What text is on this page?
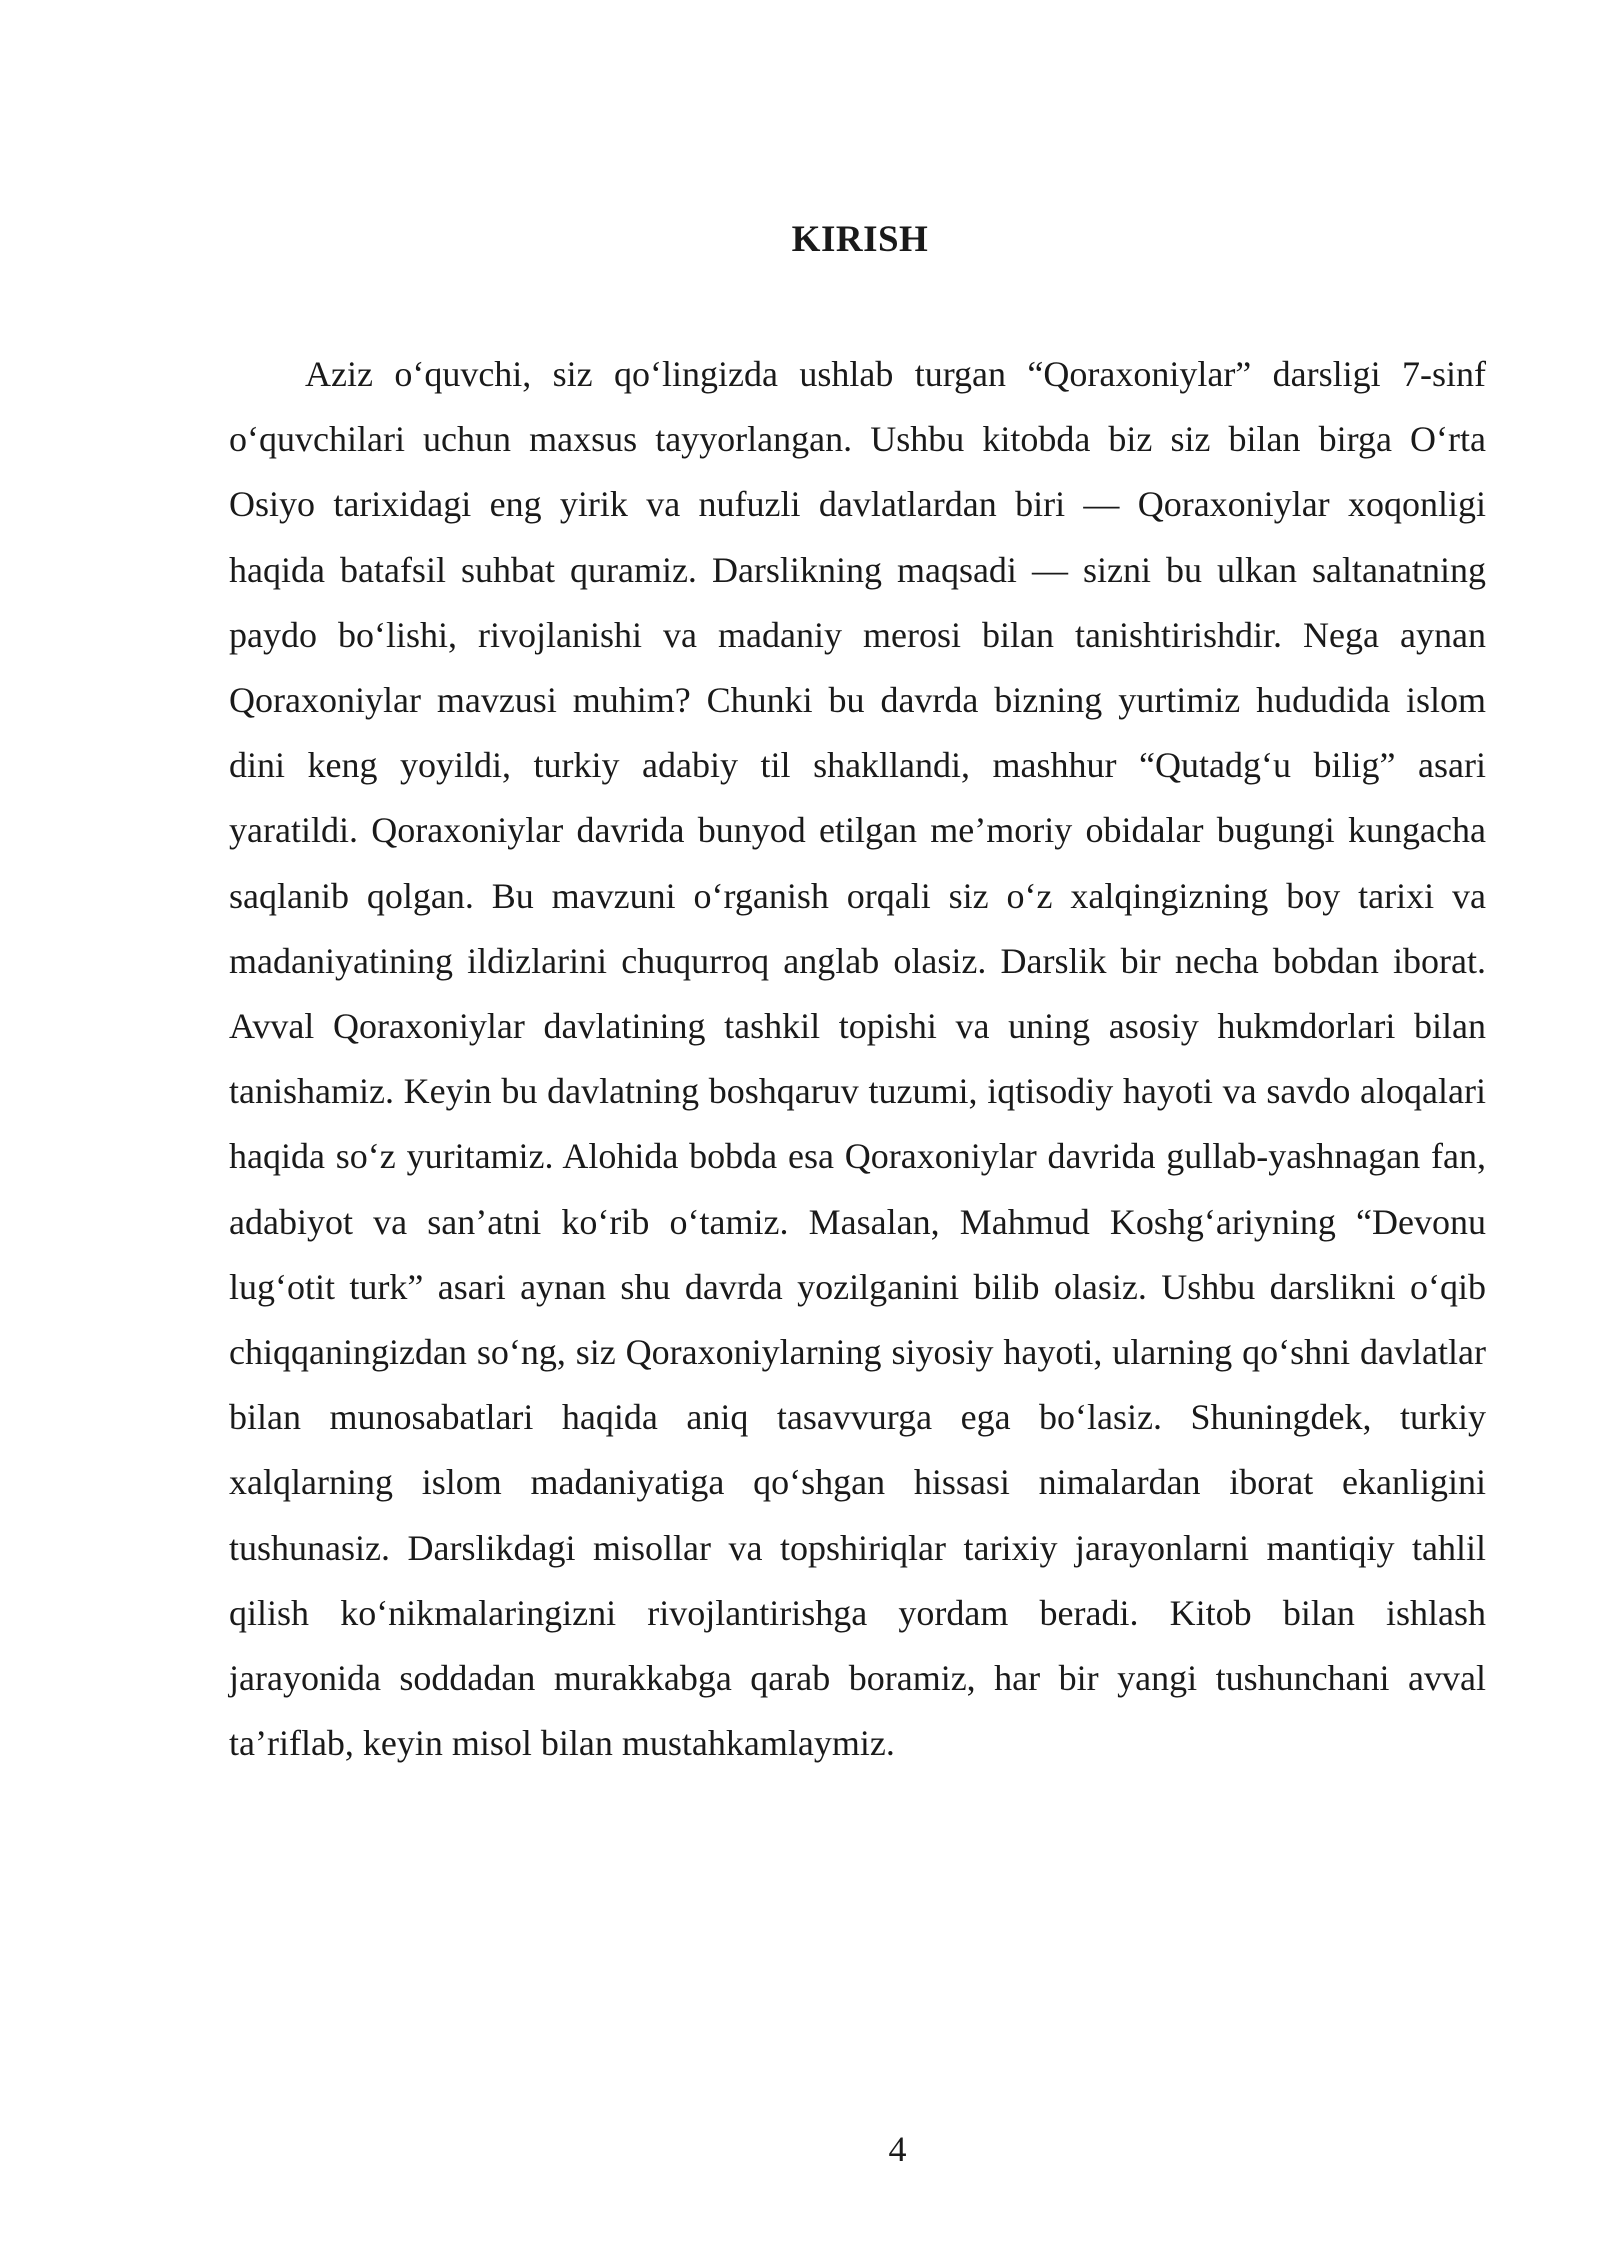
KIRISH

Aziz o‘quvchi, siz qo‘lingizda ushlab turgan “Qoraxoniylar” darsligi 7-sinf o‘quvchilari uchun maxsus tayyorlangan. Ushbu kitobda biz siz bilan birga O‘rta Osiyo tarixidagi eng yirik va nufuzli davlatlardan biri — Qoraxoniylar xoqonligi haqida batafsil suhbat quramiz. Darslikning maqsadi — sizni bu ulkan saltanatning paydo bo‘lishi, rivojlanishi va madaniy merosi bilan tanishtirishdir. Nega aynan Qoraxoniylar mavzusi muhim? Chunki bu davrda bizning yurtimiz hududida islom dini keng yoyildi, turkiy adabiy til shakllandi, mashhur “Qutadg‘u bilig” asari yaratildi. Qoraxoniylar davrida bunyod etilgan me’moriy obidalar bugungi kungacha saqlanib qolgan. Bu mavzuni o‘rganish orqali siz o‘z xalqingizning boy tarixi va madaniyatining ildizlarini chuqurroq anglab olasiz. Darslik bir necha bobdan iborat. Avval Qoraxoniylar davlatining tashkil topishi va uning asosiy hukmdorlari bilan tanishamiz. Keyin bu davlatning boshqaruv tuzumi, iqtisodiy hayoti va savdo aloqalari haqida so‘z yuritamiz. Alohida bobda esa Qoraxoniylar davrida gullab-yashnagan fan, adabiyot va san’atni ko‘rib o‘tamiz. Masalan, Mahmud Koshg‘ariyning “Devonu lug‘otit turk” asari aynan shu davrda yozilganini bilib olasiz. Ushbu darslikni o‘qib chiqqaningizdan so‘ng, siz Qoraxoniylarning siyosiy hayoti, ularning qo‘shni davlatlar bilan munosabatlari haqida aniq tasavvurga ega bo‘lasiz. Shuningdek, turkiy xalqlarning islom madaniyatiga qo‘shgan hissasi nimalardan iborat ekanligini tushunasiz. Darslikdagi misollar va topshiriqlar tarixiy jarayonlarni mantiqiy tahlil qilish ko‘nikmalaringizni rivojlantirishga yordam beradi. Kitob bilan ishlash jarayonida soddadan murakkabga qarab boramiz, har bir yangi tushunchani avval ta’riflab, keyin misol bilan mustahkamlaymiz.

4
